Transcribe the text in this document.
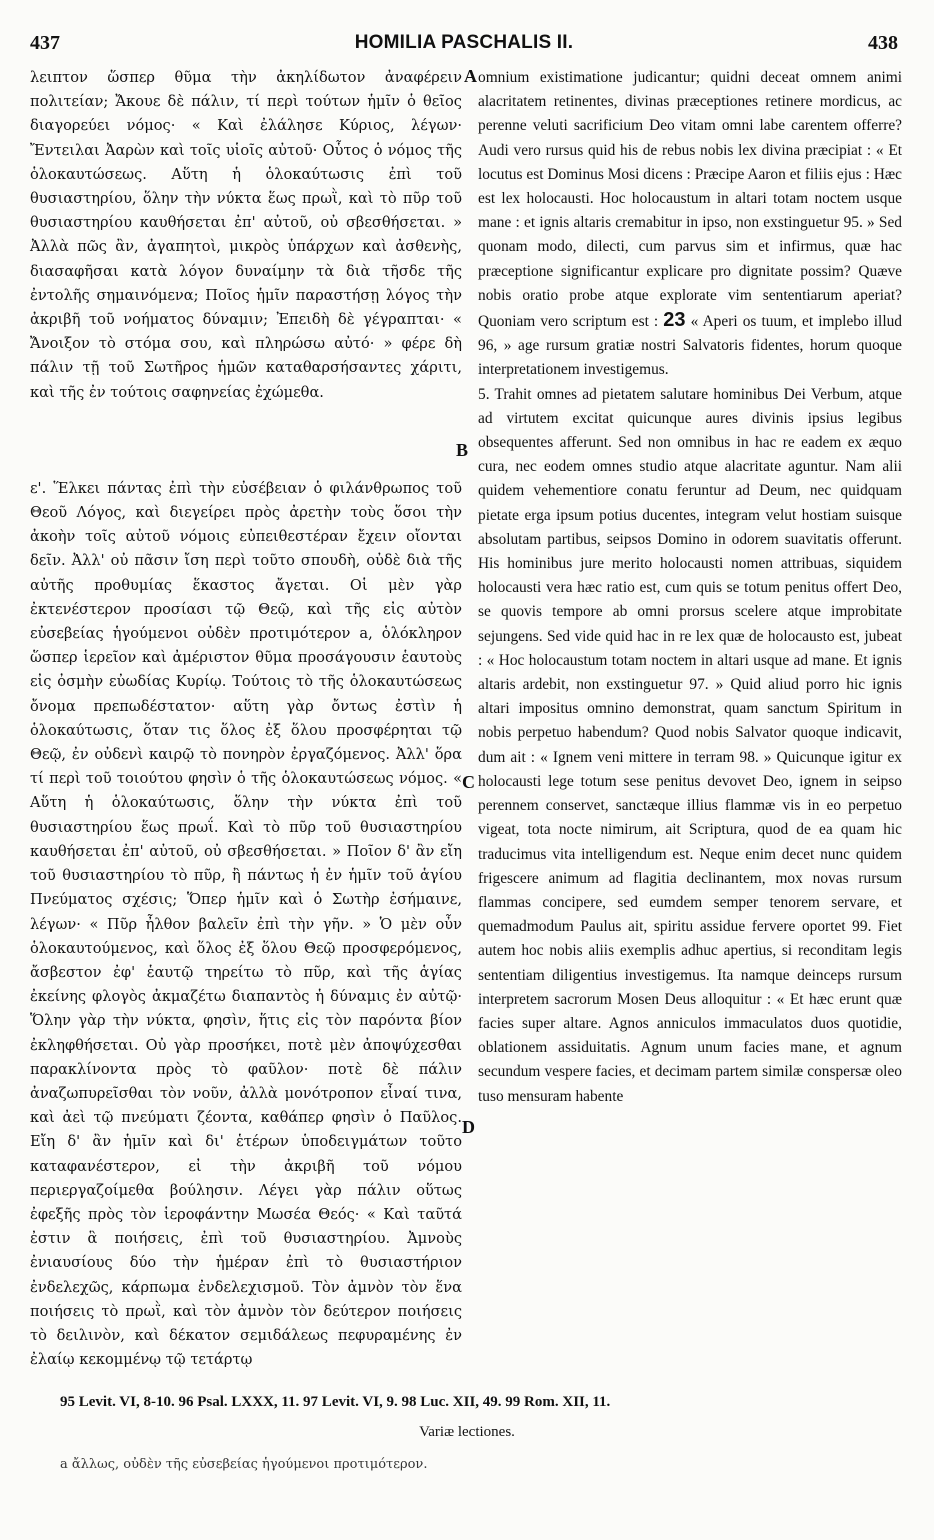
437	HOMILIA PASCHALIS II.	438

λειπτον ὥσπερ θῦμα τὴν ἀκηλίδωτον ἀναφέρειν πολιτείαν; Ἄκουε δὲ πάλιν, τί περὶ τούτων ἡμῖν ὁ θεῖος διαγορεύει νόμος· « Καὶ ἐλάλησε Κύριος, λέγων· Ἔντειλαι Ἀαρὼν καὶ τοῖς υἱοῖς αὐτοῦ· Οὗτος ὁ νόμος τῆς ὁλοκαυτώσεως. Αὕτη ἡ ὁλοκαύτωσις ἐπὶ τοῦ θυσιαστηρίου, ὅλην τὴν νύκτα ἕως πρωῒ, καὶ τὸ πῦρ τοῦ θυσιαστηρίου καυθήσεται ἐπ' αὐτοῦ, οὐ σβεσθήσεται. » Ἀλλὰ πῶς ἂν, ἀγαπητοὶ, μικρὸς ὑπάρχων καὶ ἀσθενὴς, διασαφῆσαι κατὰ λόγον δυναίμην τὰ διὰ τῆσδε τῆς ἐντολῆς σημαινόμενα; Ποῖος ἡμῖν παραστήσῃ λόγος τὴν ἀκριβῆ τοῦ νοήματος δύναμιν; Ἐπειδὴ δὲ γέγραπται· « Ἄνοιξον τὸ στόμα σου, καὶ πληρώσω αὐτό· » φέρε δὴ πάλιν τῇ τοῦ Σωτῆρος ἡμῶν καταθαρσήσαντες χάριτι, καὶ τῆς ἐν τούτοις σαφηνείας ἐχώμεθα.

ε'. Ἕλκει πάντας ἐπὶ τὴν εὐσέβειαν ὁ φιλάνθρωπος τοῦ Θεοῦ Λόγος, καὶ διεγείρει πρὸς ἀρετὴν τοὺς ὅσοι τὴν ἀκοὴν τοῖς αὐτοῦ νόμοις εὐπειθεστέραν ἔχειν οἴονται δεῖν. Ἀλλ' οὐ πᾶσιν ἴση περὶ τοῦτο σπουδὴ, οὐδὲ διὰ τῆς αὐτῆς προθυμίας ἕκαστος ἄγεται. Οἱ μὲν γὰρ ἐκτενέστερον προσίασι τῷ Θεῷ, καὶ τῆς εἰς αὐτὸν εὐσεβείας ἡγούμενοι οὐδὲν προτιμότερον a, ὁλόκληρον ὥσπερ ἱερεῖον καὶ ἀμέριστον θῦμα προσάγουσιν ἑαυτοὺς εἰς ὀσμὴν εὐωδίας Κυρίῳ. Τούτοις τὸ τῆς ὁλοκαυτώσεως ὄνομα πρεπωδέστατον· αὕτη γὰρ ὄντως ἐστὶν ἡ ὁλοκαύτωσις, ὅταν τις ὅλος ἐξ ὅλου προσφέρηται τῷ Θεῷ, ἐν οὐδενὶ καιρῷ τὸ πονηρὸν ἐργαζόμενος. Ἀλλ' ὅρα τί περὶ τοῦ τοιούτου φησὶν ὁ τῆς ὁλοκαυτώσεως νόμος. « Αὕτη ἡ ὁλοκαύτωσις, ὅλην τὴν νύκτα ἐπὶ τοῦ θυσιαστηρίου ἕως πρωΐ. Καὶ τὸ πῦρ τοῦ θυσιαστηρίου καυθήσεται ἐπ' αὐτοῦ, οὐ σβεσθήσεται. » Ποῖον δ' ἂν εἴη τοῦ θυσιαστηρίου τὸ πῦρ, ἢ πάντως ἡ ἐν ἡμῖν τοῦ ἁγίου Πνεύματος σχέσις; Ὅπερ ἡμῖν καὶ ὁ Σωτὴρ ἐσήμαινε, λέγων· « Πῦρ ἦλθον βαλεῖν ἐπὶ τὴν γῆν. » Ὁ μὲν οὖν ὁλοκαυτούμενος, καὶ ὅλος ἐξ ὅλου Θεῷ προσφερόμενος, ἄσβεστον ἐφ' ἑαυτῷ τηρείτω τὸ πῦρ, καὶ τῆς ἁγίας ἐκείνης φλογὸς ἀκμαζέτω διαπαντὸς ἡ δύναμις ἐν αὐτῷ· Ὅλην γὰρ τὴν νύκτα, φησὶν, ἥτις εἰς τὸν παρόντα βίον ἐκληφθήσεται. Οὐ γὰρ προσήκει, ποτὲ μὲν ἀποψύχεσθαι παρακλίνοντα πρὸς τὸ φαῦλον· ποτὲ δὲ πάλιν ἀναζωπυρεῖσθαι τὸν νοῦν, ἀλλὰ μονότροπον εἶναί τινα, καὶ ἀεὶ τῷ πνεύματι ζέοντα, καθάπερ φησὶν ὁ Παῦλος. Εἴη δ' ἂν ἡμῖν καὶ δι' ἑτέρων ὑποδειγμάτων τοῦτο καταφανέστερον, εἰ τὴν ἀκριβῆ τοῦ νόμου περιεργαζοίμεθα βούλησιν. Λέγει γὰρ πάλιν οὕτως ἐφεξῆς πρὸς τὸν ἱεροφάντην Μωσέα Θεός· « Καὶ ταῦτά ἐστιν ἃ ποιήσεις, ἐπὶ τοῦ θυσιαστηρίου. Ἀμνοὺς ἐνιαυσίους δύο τὴν ἡμέραν ἐπὶ τὸ θυσιαστήριον ἐνδελεχῶς, κάρπωμα ἐνδελεχισμοῦ. Τὸν ἀμνὸν τὸν ἕνα ποιήσεις τὸ πρωῒ, καὶ τὸν ἀμνὸν τὸν δεύτερον ποιήσεις τὸ δειλινὸν, καὶ δέκατον σεμιδάλεως πεφυραμένης ἐν ἐλαίῳ κεκομμένῳ τῷ τετάρτῳ

omnium existimatione judicantur; quidni deceat omnem animi alacritatem retinentes, divinas præceptiones retinere mordicus, ac perenne veluti sacrificium Deo vitam omni labe carentem offerre? Audi vero rursus quid his de rebus nobis lex divina præcipiat : « Et locutus est Dominus Mosi dicens : Præcipe Aaron et filiis ejus : Hæc est lex holocausti. Hoc holocaustum in altari totam noctem usque mane : et ignis altaris cremabitur in ipso, non exstinguetur 95. » Sed quonam modo, dilecti, cum parvus sim et infirmus, quæ hac præceptione significantur explicare pro dignitate possim? Quæve nobis oratio probe atque explorate vim sententiarum aperiat? Quoniam vero scriptum est : 23 « Aperi os tuum, et implebo illud 96, » age rursum gratiæ nostri Salvatoris fidentes, horum quoque interpretationem investigemus.

5. Trahit omnes ad pietatem salutare hominibus Dei Verbum, atque ad virtutem excitat quicunque aures divinis ipsius legibus obsequentes afferunt. Sed non omnibus in hac re eadem ex æquo cura, nec eodem omnes studio atque alacritate aguntur. Nam alii quidem vehementiore conatu feruntur ad Deum, nec quidquam pietate erga ipsum potius ducentes, integram velut hostiam suisque absolutam partibus, seipsos Domino in odorem suavitatis offerunt. His hominibus jure merito holocausti nomen attribuas, siquidem holocausti vera hæc ratio est, cum quis se totum penitus offert Deo, se quovis tempore ab omni prorsus scelere atque improbitate sejungens. Sed vide quid hac in re lex quæ de holocausto est, jubeat : « Hoc holocaustum totam noctem in altari usque ad mane. Et ignis altaris ardebit, non exstinguetur 97. » Quid aliud porro hic ignis altari impositus omnino demonstrat, quam sanctum Spiritum in nobis perpetuo habendum? Quod nobis Salvator quoque indicavit, dum ait : « Ignem veni mittere in terram 98. » Quicunque igitur ex holocausti lege totum sese penitus devovet Deo, ignem in seipso perennem conservet, sanctæque illius flammæ vis in eo perpetuo vigeat, tota nocte nimirum, ait Scriptura, quod de ea quam hic traducimus vita intelligendum est. Neque enim decet nunc quidem frigescere animum ad flagitia declinantem, mox novas rursum flammas concipere, sed eumdem semper tenorem servare, et quemadmodum Paulus ait, spiritu assidue fervere oportet 99. Fiet autem hoc nobis aliis exemplis adhuc apertius, si reconditam legis sententiam diligentius investigemus. Ita namque deinceps rursum interpretem sacrorum Mosen Deus alloquitur : « Et hæc erunt quæ facies super altare. Agnos anniculos immaculatos duos quotidie, oblationem assiduitatis. Agnum unum facies mane, et agnum secundum vespere facies, et decimam partem similæ conspersæ oleo tuso mensuram habente

A
B
C
D
95 Levit. VI, 8-10. 96 Psal. LXXX, 11. 97 Levit. VI, 9. 98 Luc. XII, 49. 99 Rom. XII, 11.
Variæ lectiones.
a ἄλλως, οὐδὲν τῆς εὐσεβείας ἡγούμενοι προτιμότερον.
